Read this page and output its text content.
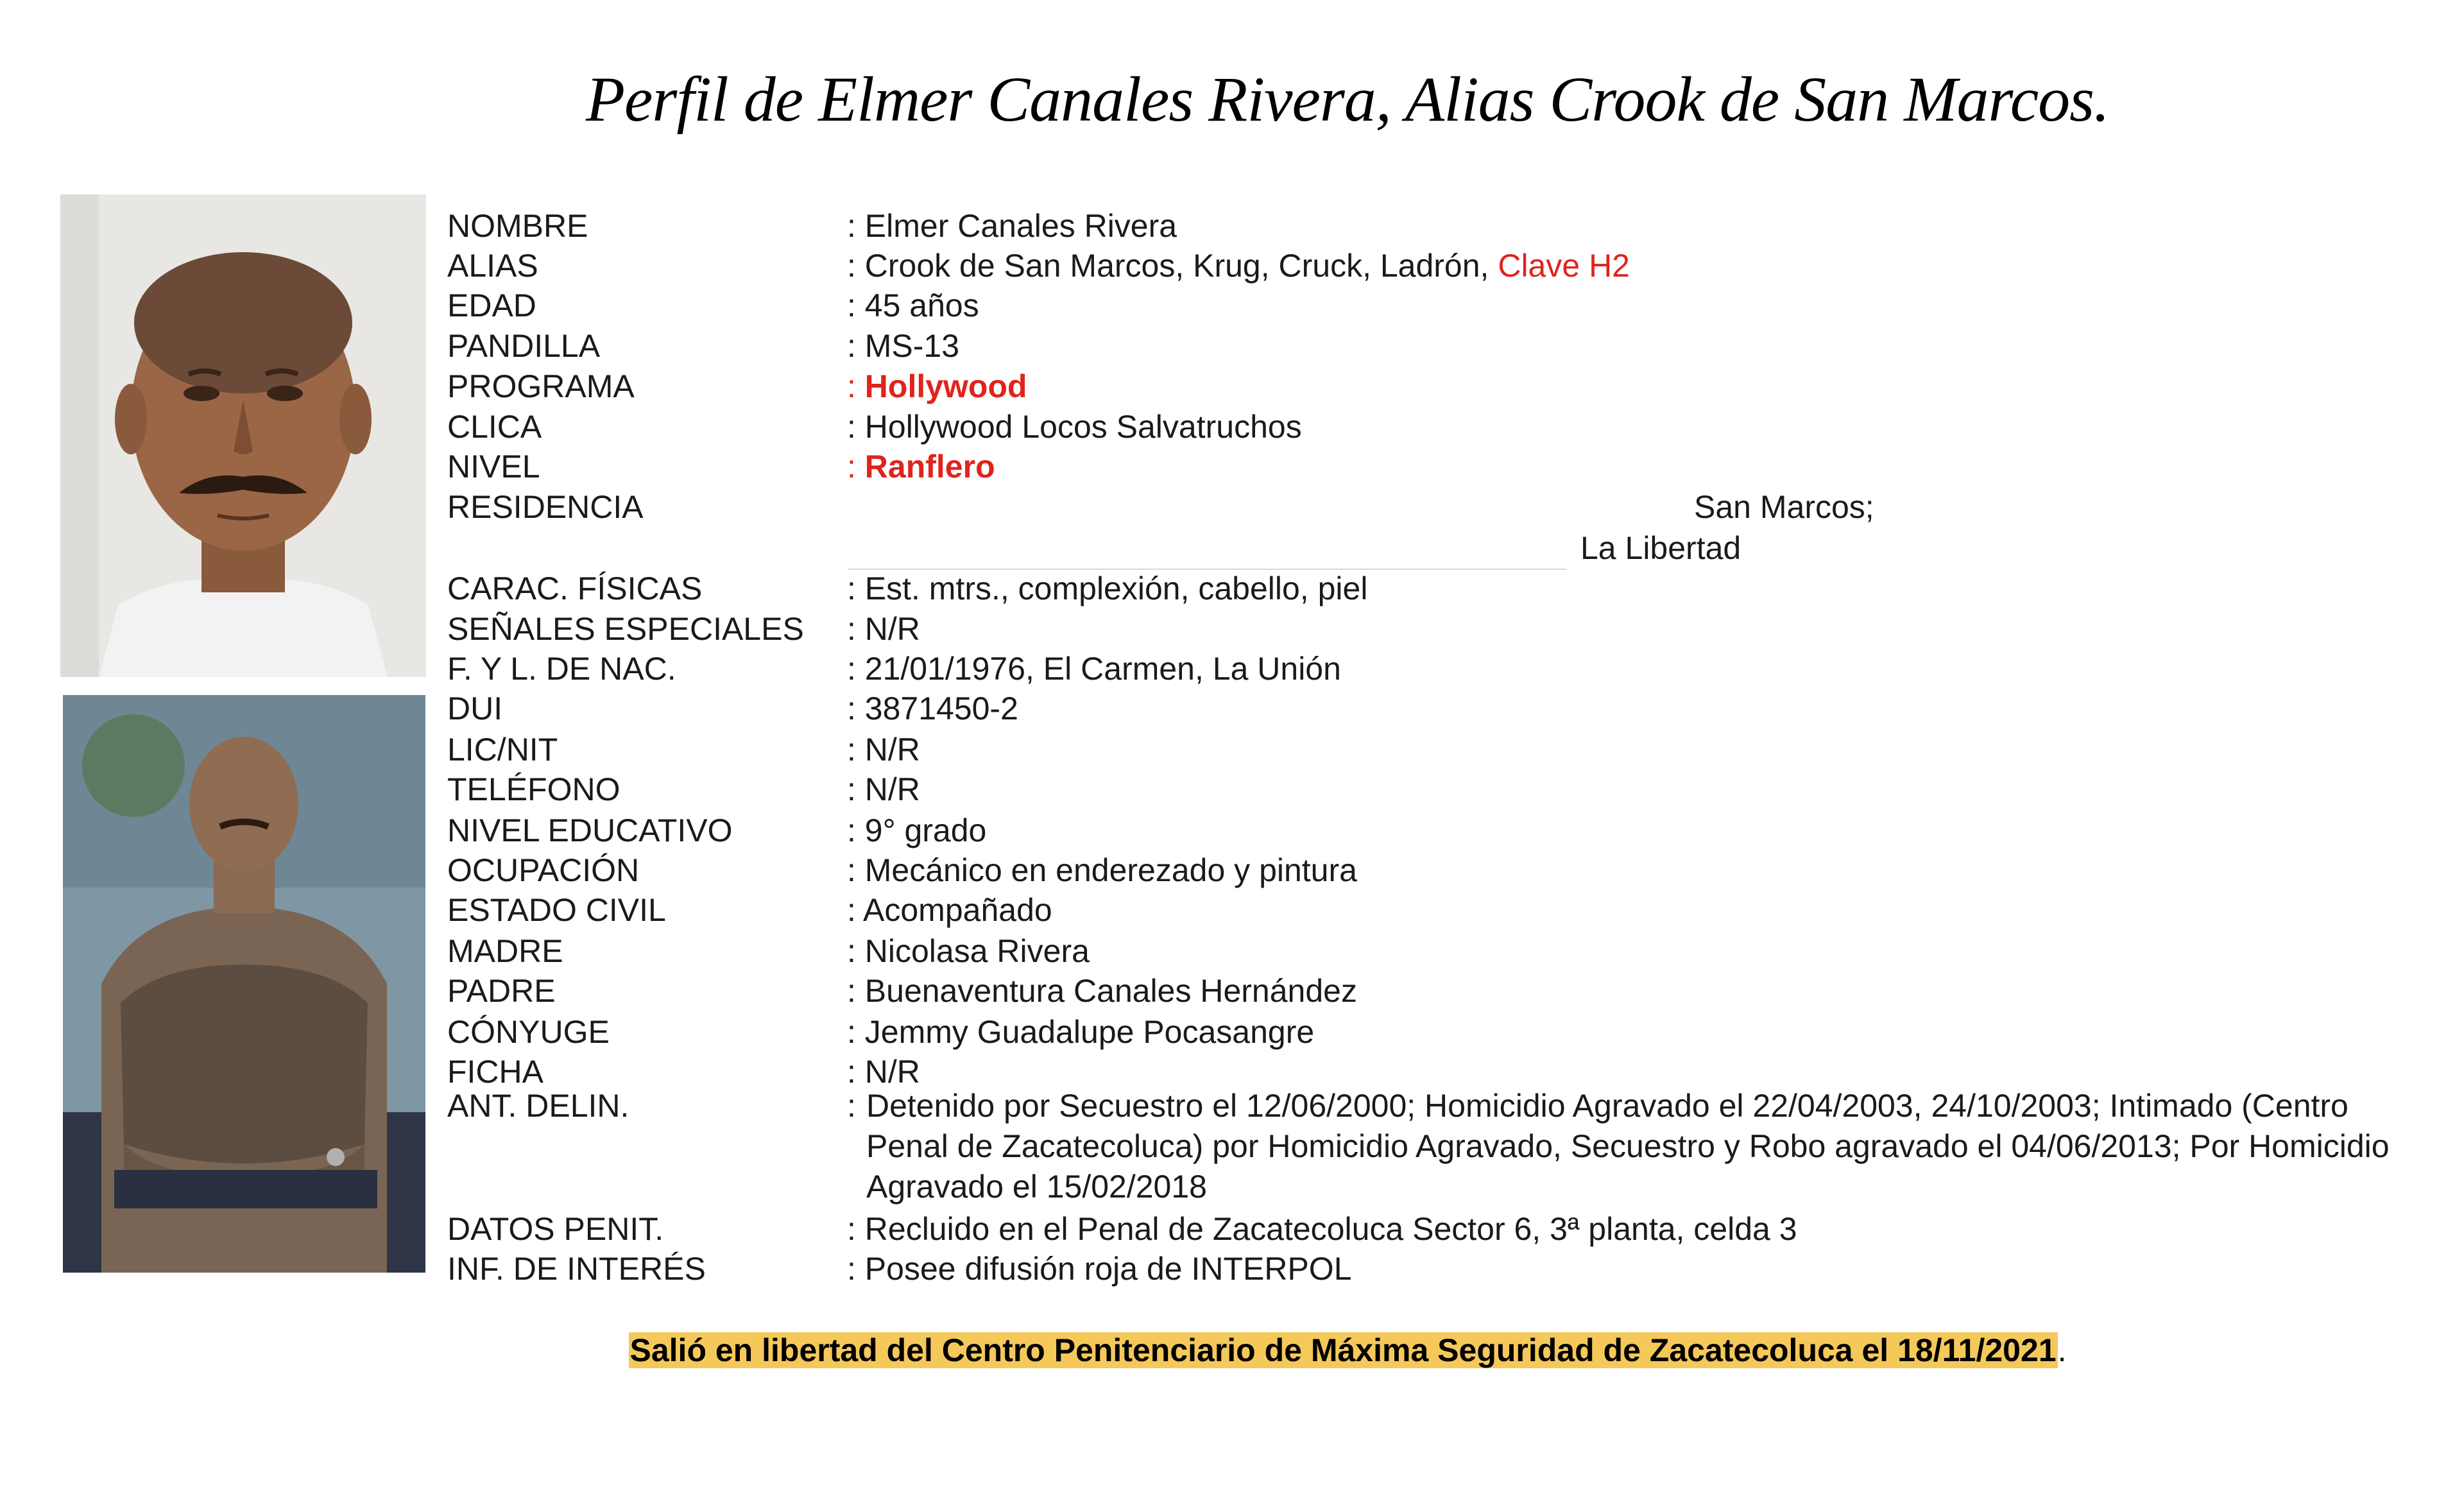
Perfil de Elmer Canales Rivera, Alias Crook de San Marcos.
NOMBRE	: Elmer Canales Rivera
ALIAS	: Crook de San Marcos, Krug, Cruck, Ladrón, Clave H2
EDAD	: 45 años
PANDILLA	: MS-13
PROGRAMA	: Hollywood
CLICA	: Hollywood Locos Salvatruchos
NIVEL	: Ranflero
RESIDENCIA	San Marcos;
La Libertad
CARAC. FÍSICAS	: Est. mtrs., complexión, cabello, piel
SEÑALES ESPECIALES : N/R
F. Y L. DE NAC.	: 21/01/1976, El Carmen, La Unión
DUI	: 3871450-2
LIC/NIT	: N/R
TELÉFONO	: N/R
NIVEL EDUCATIVO	: 9° grado
OCUPACIÓN	: Mecánico en enderezado y pintura
ESTADO CIVIL	: Acompañado
MADRE	: Nicolasa Rivera
PADRE	: Buenaventura Canales Hernández
CÓNYUGE	: Jemmy Guadalupe Pocasangre
FICHA	: N/R
ANT. DELIN.	: Detenido por Secuestro el 12/06/2000; Homicidio Agravado el 22/04/2003, 24/10/2003; Intimado (Centro Penal de Zacatecoluca) por Homicidio Agravado, Secuestro y Robo agravado el 04/06/2013; Por Homicidio Agravado el 15/02/2018
DATOS PENIT.	: Recluido en el Penal de Zacatecoluca Sector 6, 3ª planta, celda 3
INF. DE INTERÉS	: Posee difusión roja de INTERPOL
Salió en libertad del Centro Penitenciario de Máxima Seguridad de Zacatecoluca el 18/11/2021.
